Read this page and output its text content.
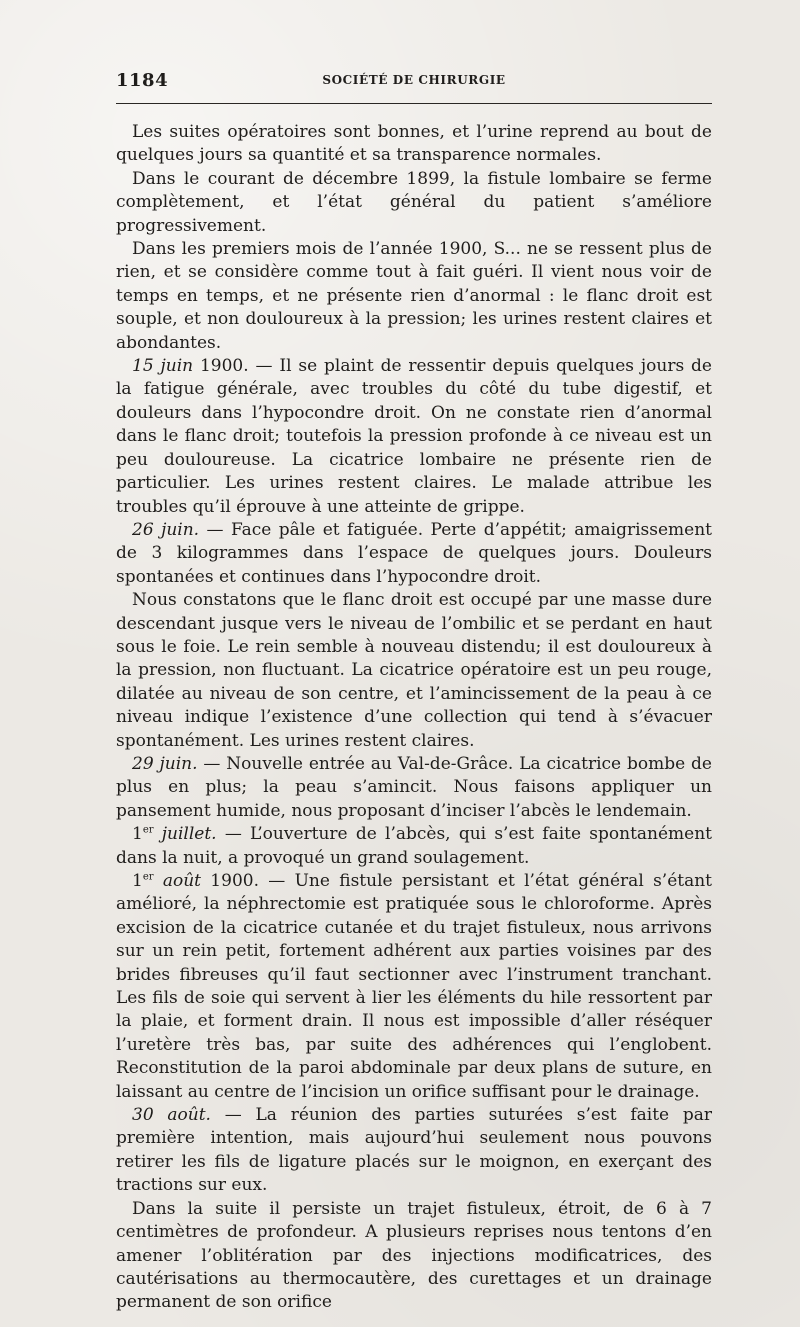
1184	SOCIÉTÉ DE CHIRURGIE

Les suites opératoires sont bonnes, et l’urine reprend au bout de quelques jours sa quantité et sa transparence normales.

Dans le courant de décembre 1899, la fistule lombaire se ferme complètement, et l’état général du patient s’améliore progressivement.

Dans les premiers mois de l’année 1900, S... ne se ressent plus de rien, et se considère comme tout à fait guéri. Il vient nous voir de temps en temps, et ne présente rien d’anormal : le flanc droit est souple, et non douloureux à la pression; les urines restent claires et abondantes.

15 juin 1900. — Il se plaint de ressentir depuis quelques jours de la fatigue générale, avec troubles du côté du tube digestif, et douleurs dans l’hypocondre droit. On ne constate rien d’anormal dans le flanc droit; toutefois la pression profonde à ce niveau est un peu douloureuse. La cicatrice lombaire ne présente rien de particulier. Les urines restent claires. Le malade attribue les troubles qu’il éprouve à une atteinte de grippe.

26 juin. — Face pâle et fatiguée. Perte d’appétit; amaigrissement de 3 kilogrammes dans l’espace de quelques jours. Douleurs spontanées et continues dans l’hypocondre droit.

Nous constatons que le flanc droit est occupé par une masse dure descendant jusque vers le niveau de l’ombilic et se perdant en haut sous le foie. Le rein semble à nouveau distendu; il est douloureux à la pression, non fluctuant. La cicatrice opératoire est un peu rouge, dilatée au niveau de son centre, et l’amincissement de la peau à ce niveau indique l’existence d’une collection qui tend à s’évacuer spontanément. Les urines restent claires.

29 juin. — Nouvelle entrée au Val-de-Grâce. La cicatrice bombe de plus en plus; la peau s’amincit. Nous faisons appliquer un pansement humide, nous proposant d’inciser l’abcès le lendemain.

1er juillet. — L’ouverture de l’abcès, qui s’est faite spontanément dans la nuit, a provoqué un grand soulagement.

1er août 1900. — Une fistule persistant et l’état général s’étant amélioré, la néphrectomie est pratiquée sous le chloroforme. Après excision de la cicatrice cutanée et du trajet fistuleux, nous arrivons sur un rein petit, fortement adhérent aux parties voisines par des brides fibreuses qu’il faut sectionner avec l’instrument tranchant. Les fils de soie qui servent à lier les éléments du hile ressortent par la plaie, et forment drain. Il nous est impossible d’aller réséquer l’uretère très bas, par suite des adhérences qui l’englobent. Reconstitution de la paroi abdominale par deux plans de suture, en laissant au centre de l’incision un orifice suffisant pour le drainage.

30 août. — La réunion des parties suturées s’est faite par première intention, mais aujourd’hui seulement nous pouvons retirer les fils de ligature placés sur le moignon, en exerçant des tractions sur eux.

Dans la suite il persiste un trajet fistuleux, étroit, de 6 à 7 centimètres de profondeur. A plusieurs reprises nous tentons d’en amener l’oblitération par des injections modificatrices, des cautérisations au thermocautère, des curettages et un drainage permanent de son orifice
